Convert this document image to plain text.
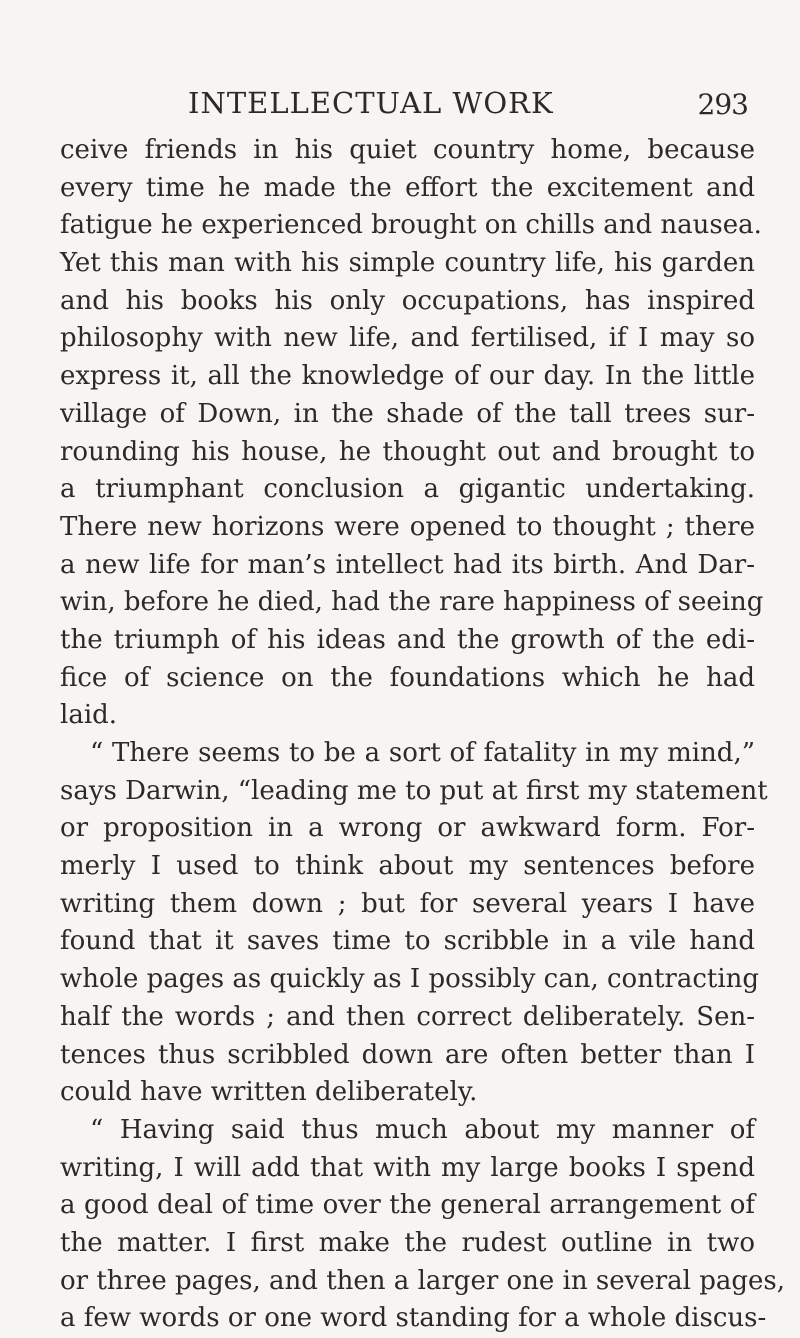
INTELLECTUAL WORK	293
ceive friends in his quiet country home, because
every time he made the effort the excitement and
fatigue he experienced brought on chills and nausea.
Yet this man with his simple country life, his garden
and his books his only occupations, has inspired
philosophy with new life, and fertilised, if I may so
express it, all the knowledge of our day. In the little
village of Down, in the shade of the tall trees sur-
rounding his house, he thought out and brought to
a triumphant conclusion a gigantic undertaking.
There new horizons were opened to thought ; there
a new life for man’s intellect had its birth. And Dar-
win, before he died, had the rare happiness of seeing
the triumph of his ideas and the growth of the edi-
fice of science on the foundations which he had
laid.
“ There seems to be a sort of fatality in my mind,”
says Darwin, “leading me to put at first my statement
or proposition in a wrong or awkward form. For-
merly I used to think about my sentences before
writing them down ; but for several years I have
found that it saves time to scribble in a vile hand
whole pages as quickly as I possibly can, contracting
half the words ; and then correct deliberately. Sen-
tences thus scribbled down are often better than I
could have written deliberately.
“ Having said thus much about my manner of
writing, I will add that with my large books I spend
a good deal of time over the general arrangement of
the matter. I first make the rudest outline in two
or three pages, and then a larger one in several pages,
a few words or one word standing for a whole discus-
